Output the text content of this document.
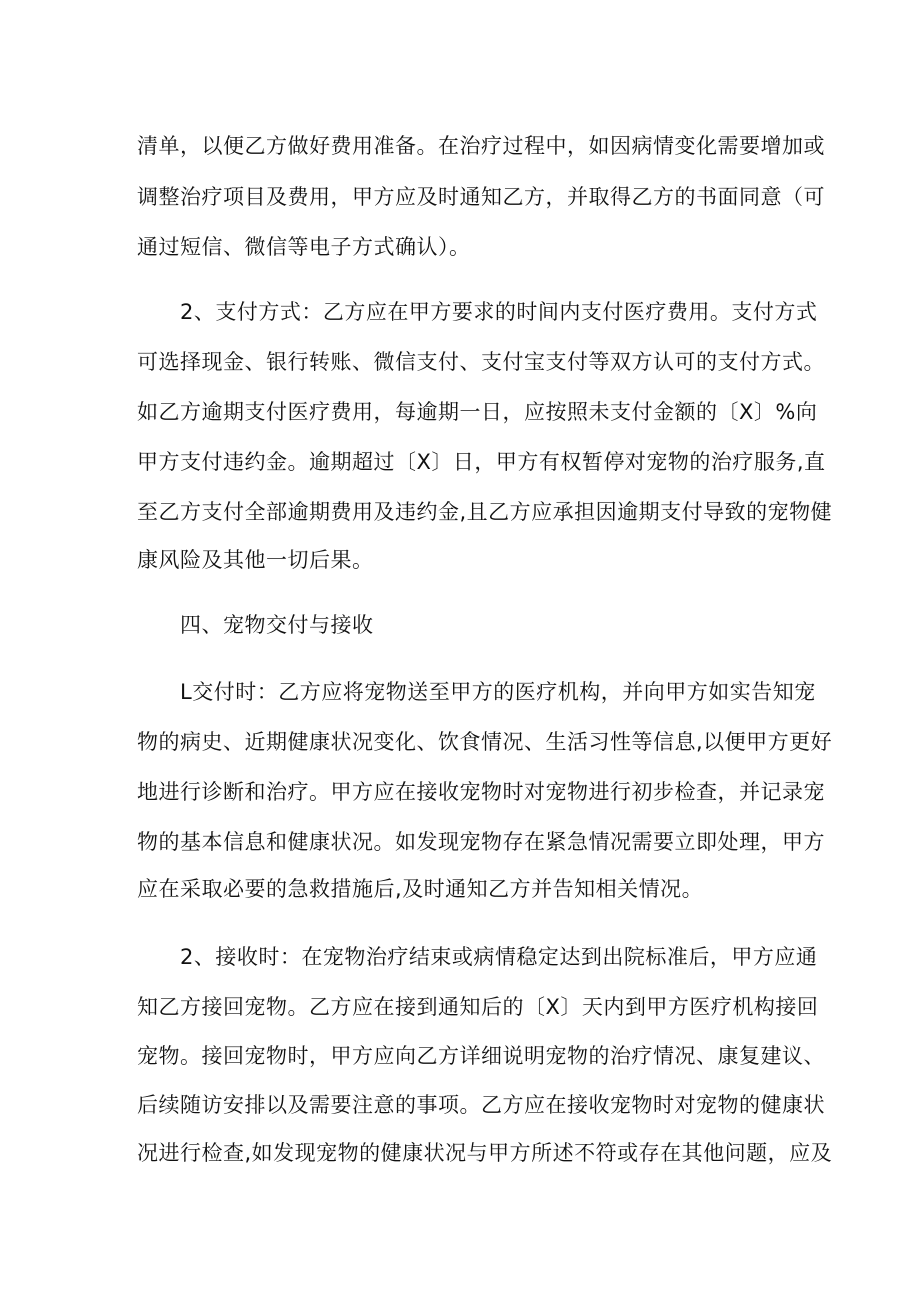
清单，以便乙方做好费用准备。在治疗过程中，如因病情变化需要增加或
调整治疗项目及费用，甲方应及时通知乙方，并取得乙方的书面同意（可
通过短信、微信等电子方式确认）。
2、支付方式：乙方应在甲方要求的时间内支付医疗费用。支付方式
可选择现金、银行转账、微信支付、支付宝支付等双方认可的支付方式。
如乙方逾期支付医疗费用，每逾期一日，应按照未支付金额的〔X〕%向
甲方支付违约金。逾期超过〔X〕日，甲方有权暂停对宠物的治疗服务,直
至乙方支付全部逾期费用及违约金,且乙方应承担因逾期支付导致的宠物健
康风险及其他一切后果。
四、宠物交付与接收
L交付时：乙方应将宠物送至甲方的医疗机构，并向甲方如实告知宠
物的病史、近期健康状况变化、饮食情况、生活习性等信息,以便甲方更好
地进行诊断和治疗。甲方应在接收宠物时对宠物进行初步检查，并记录宠
物的基本信息和健康状况。如发现宠物存在紧急情况需要立即处理，甲方
应在采取必要的急救措施后,及时通知乙方并告知相关情况。
2、接收时：在宠物治疗结束或病情稳定达到出院标准后，甲方应通
知乙方接回宠物。乙方应在接到通知后的〔X〕天内到甲方医疗机构接回
宠物。接回宠物时，甲方应向乙方详细说明宠物的治疗情况、康复建议、
后续随访安排以及需要注意的事项。乙方应在接收宠物时对宠物的健康状
况进行检查,如发现宠物的健康状况与甲方所述不符或存在其他问题，应及
